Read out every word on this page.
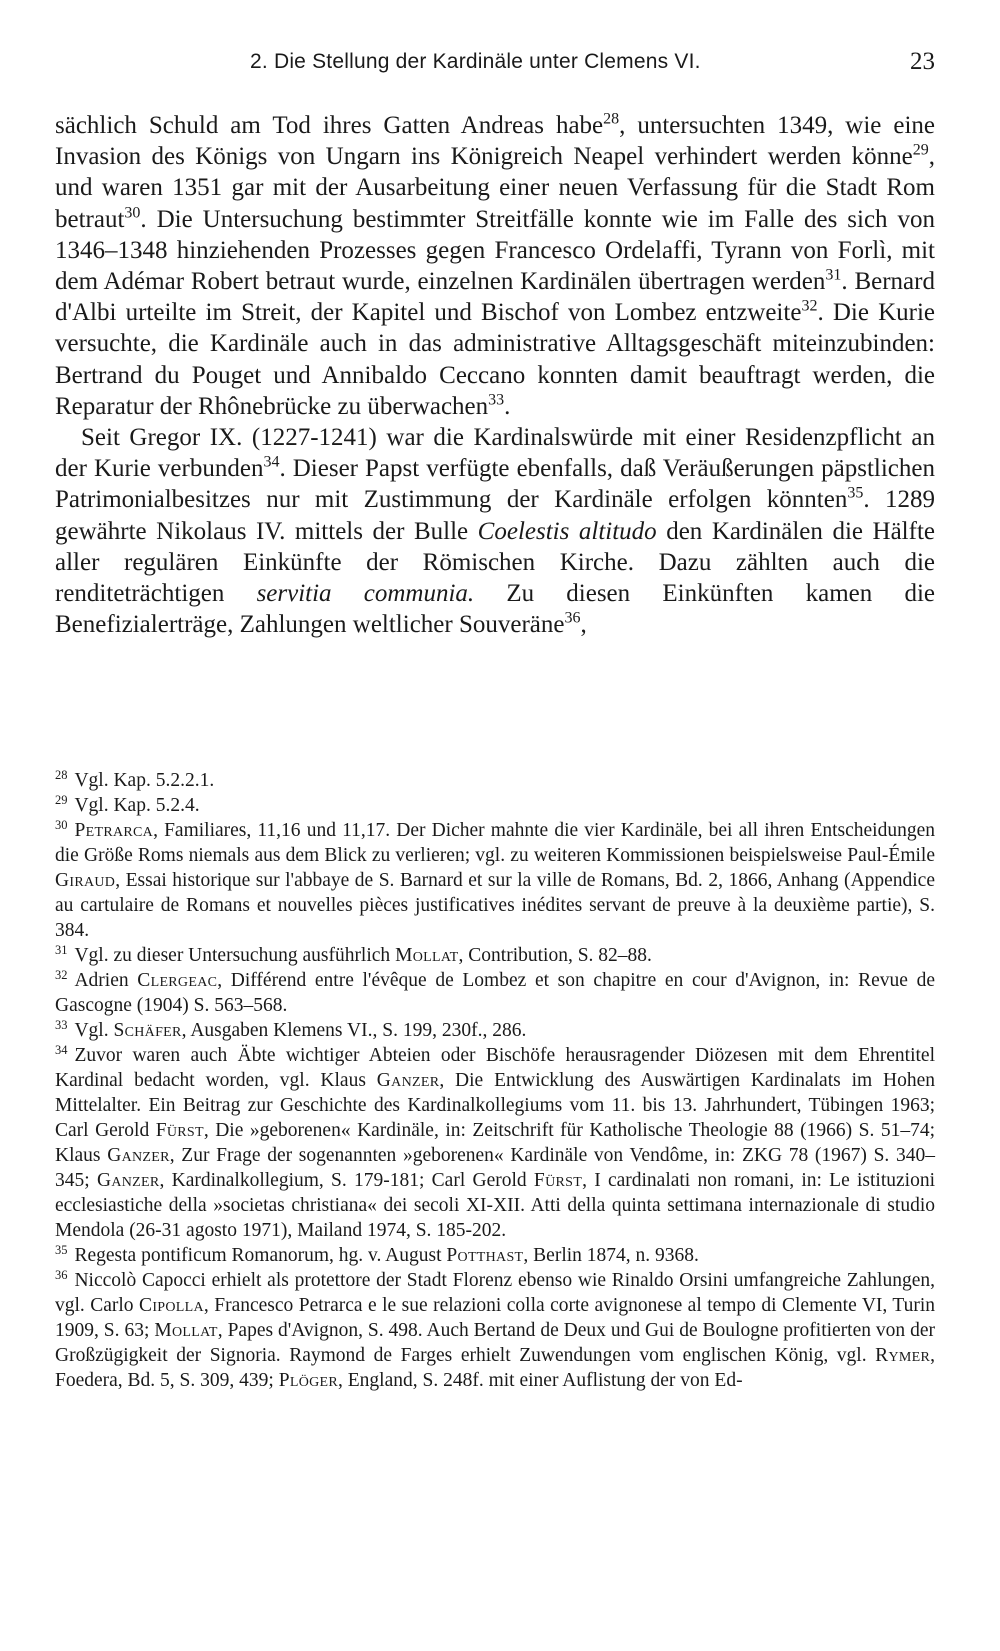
2. Die Stellung der Kardinäle unter Clemens VI.	23

sächlich Schuld am Tod ihres Gatten Andreas habe$^{28}$, untersuchten 1349, wie eine Invasion des Königs von Ungarn ins Königreich Neapel verhindert werden könne$^{29}$, und waren 1351 gar mit der Ausarbeitung einer neuen Verfassung für die Stadt Rom betraut$^{30}$. Die Untersuchung bestimmter Streitfälle konnte wie im Falle des sich von 1346–1348 hinziehenden Prozesses gegen Francesco Ordelaffi, Tyrann von Forlì, mit dem Adémar Robert betraut wurde, einzelnen Kardinälen übertragen werden$^{31}$. Bernard d'Albi urteilte im Streit, der Kapitel und Bischof von Lombez entzweite$^{32}$. Die Kurie versuchte, die Kardinäle auch in das administrative Alltagsgeschäft miteinzubinden: Bertrand du Pouget und Annibaldo Ceccano konnten damit beauftragt werden, die Reparatur der Rhônebrücke zu überwachen$^{33}$.

Seit Gregor IX. (1227-1241) war die Kardinalswürde mit einer Residenzpflicht an der Kurie verbunden$^{34}$. Dieser Papst verfügte ebenfalls, daß Veräußerungen päpstlichen Patrimonialbesitzes nur mit Zustimmung der Kardinäle erfolgen könnten$^{35}$. 1289 gewährte Nikolaus IV. mittels der Bulle Coelestis altitudo den Kardinälen die Hälfte aller regulären Einkünfte der Römischen Kirche. Dazu zählten auch die renditeträchtigen servitia communia. Zu diesen Einkünften kamen die Benefizialerträge, Zahlungen weltlicher Souveräne$^{36}$,

$^{28}$ Vgl. Kap. 5.2.2.1.

$^{29}$ Vgl. Kap. 5.2.4.

$^{30}$ Petrarca, Familiares, 11,16 und 11,17. Der Dicher mahnte die vier Kardinäle, bei all ihren Entscheidungen die Größe Roms niemals aus dem Blick zu verlieren; vgl. zu weiteren Kommissionen beispielsweise Paul-Émile Giraud, Essai historique sur l'abbaye de S. Barnard et sur la ville de Romans, Bd. 2, 1866, Anhang (Appendice au cartulaire de Romans et nouvelles pièces justificatives inédites servant de preuve à la deuxième partie), S. 384.

$^{31}$ Vgl. zu dieser Untersuchung ausführlich Mollat, Contribution, S. 82–88.

$^{32}$ Adrien Clergeac, Différend entre l'évêque de Lombez et son chapitre en cour d'Avignon, in: Revue de Gascogne (1904) S. 563–568.

$^{33}$ Vgl. Schäfer, Ausgaben Klemens VI., S. 199, 230f., 286.

$^{34}$ Zuvor waren auch Äbte wichtiger Abteien oder Bischöfe herausragender Diözesen mit dem Ehrentitel Kardinal bedacht worden, vgl. Klaus Ganzer, Die Entwicklung des Auswärtigen Kardinalats im Hohen Mittelalter. Ein Beitrag zur Geschichte des Kardinalkollegiums vom 11. bis 13. Jahrhundert, Tübingen 1963; Carl Gerold Fürst, Die »geborenen« Kardinäle, in: Zeitschrift für Katholische Theologie 88 (1966) S. 51–74; Klaus Ganzer, Zur Frage der sogenannten »geborenen« Kardinäle von Vendôme, in: ZKG 78 (1967) S. 340–345; Ganzer, Kardinalkollegium, S. 179-181; Carl Gerold Fürst, I cardinalati non romani, in: Le istituzioni ecclesiastiche della »societas christiana« dei secoli XI-XII. Atti della quinta settimana internazionale di studio Mendola (26-31 agosto 1971), Mailand 1974, S. 185-202.

$^{35}$ Regesta pontificum Romanorum, hg. v. August Potthast, Berlin 1874, n. 9368.

$^{36}$ Niccolò Capocci erhielt als protettore der Stadt Florenz ebenso wie Rinaldo Orsini umfangreiche Zahlungen, vgl. Carlo Cipolla, Francesco Petrarca e le sue relazioni colla corte avignonese al tempo di Clemente VI, Turin 1909, S. 63; Mollat, Papes d'Avignon, S. 498. Auch Bertand de Deux und Gui de Boulogne profitierten von der Großzügigkeit der Signoria. Raymond de Farges erhielt Zuwendungen vom englischen König, vgl. Rymer, Foedera, Bd. 5, S. 309, 439; Plöger, England, S. 248f. mit einer Auflistung der von Ed-
